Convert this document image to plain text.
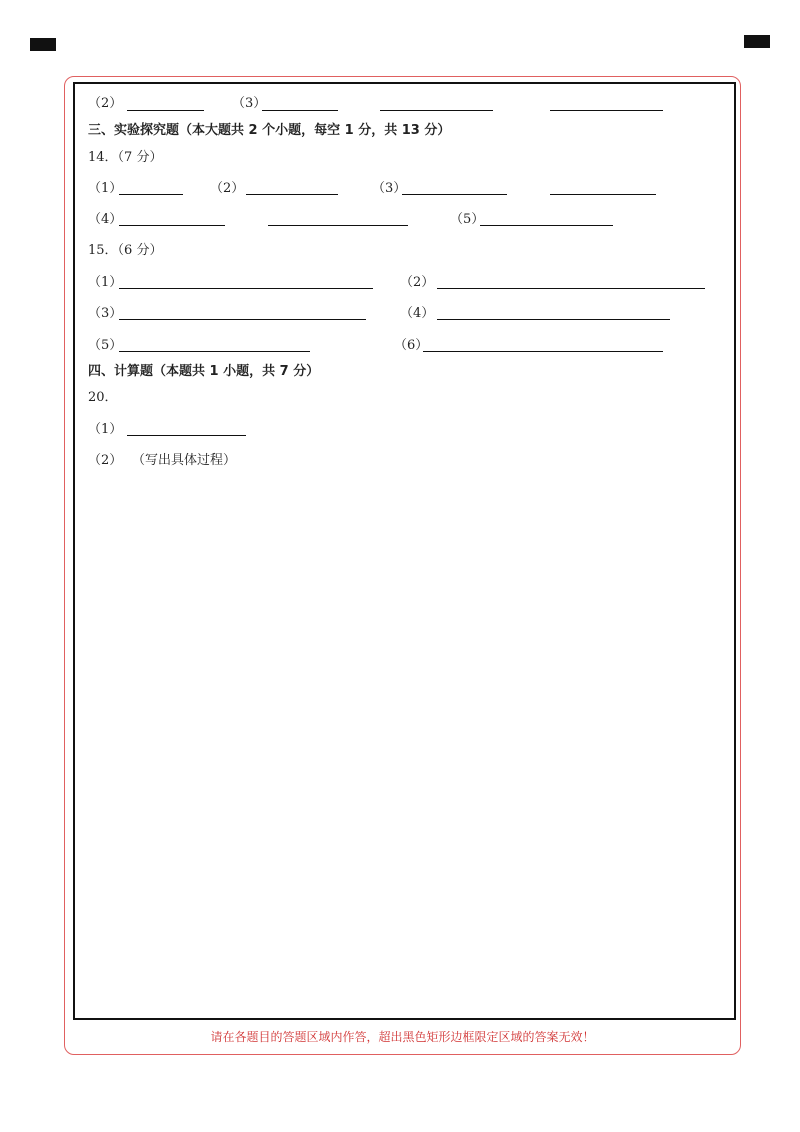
（2）	（3）
三、实验探究题（本大题共 2 个小题，每空 1 分，共 13 分）
14．（7 分）
（1）	（2）	（3）
（4）	（5）
15．（6 分）
（1）	（2）
（3）	（4）
（5）	（6）
四、计算题（本题共 1 小题，共 7 分）
20．
（1）
（2） （写出具体过程）
请在各题目的答题区域内作答，超出黑色矩形边框限定区域的答案无效！
